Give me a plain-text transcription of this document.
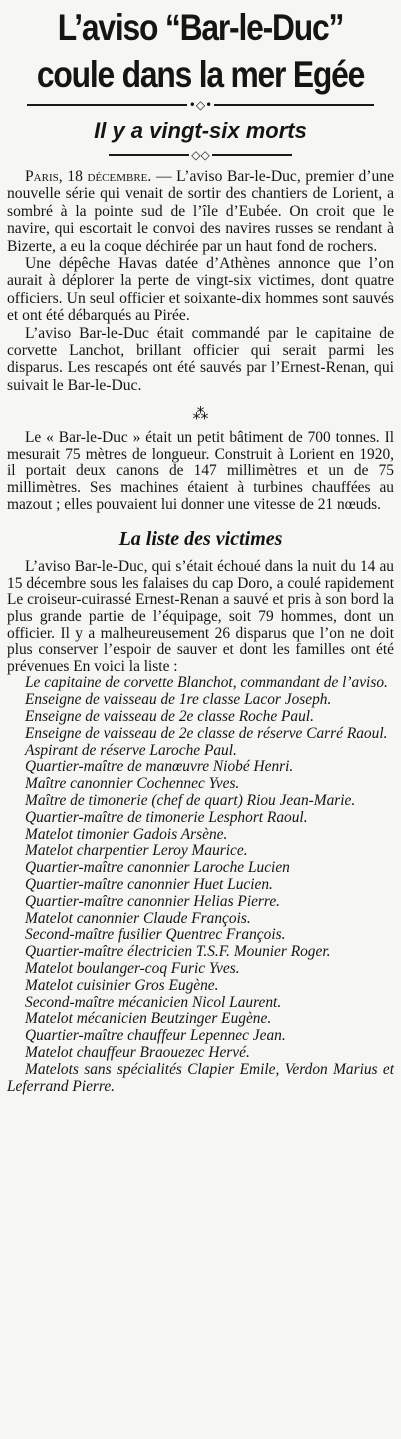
L’aviso “Bar-le-Duc”
coule dans la mer Egée
•◇•
Il y a vingt-six morts
◇◇

Paris, 18 décembre. — L’aviso Bar-le-Duc, premier d’une nouvelle série qui venait de sortir des chantiers de Lorient, a sombré à la pointe sud de l’île d’Eubée. On croit que le navire, qui escortait le convoi des navires russes se rendant à Bizerte, a eu la coque déchirée par un haut fond de rochers.

Une dépêche Havas datée d’Athènes annonce que l’on aurait à déplorer la perte de vingt-six victimes, dont quatre officiers. Un seul officier et soixante-dix hommes sont sauvés et ont été débarqués au Pirée.

L’aviso Bar-le-Duc était commandé par le capitaine de corvette Lanchot, brillant officier qui serait parmi les disparus. Les rescapés ont été sauvés par l’Ernest-Renan, qui suivait le Bar-le-Duc.

⁂

Le « Bar-le-Duc » était un petit bâtiment de 700 tonnes. Il mesurait 75 mètres de longueur. Construit à Lorient en 1920, il portait deux canons de 147 millimètres et un de 75 millimètres. Ses machines étaient à turbines chauffées au mazout ; elles pouvaient lui donner une vitesse de 21 nœuds.

La liste des victimes

L’aviso Bar-le-Duc, qui s’était échoué dans la nuit du 14 au 15 décembre sous les falaises du cap Doro, a coulé rapidement Le croiseur-cuirassé Ernest-Renan a sauvé et pris à son bord la plus grande partie de l’équipage, soit 79 hommes, dont un officier. Il y a malheureusement 26 disparus que l’on ne doit plus conserver l’espoir de sauver et dont les familles ont été prévenues En voici la liste :

Le capitaine de corvette Blanchot, commandant de l’aviso.
Enseigne de vaisseau de 1re classe Lacor Joseph.
Enseigne de vaisseau de 2e classe Roche Paul.
Enseigne de vaisseau de 2e classe de réserve Carré Raoul.
Aspirant de réserve Laroche Paul.
Quartier-maître de manœuvre Niobé Henri.
Maître canonnier Cochennec Yves.
Maître de timonerie (chef de quart) Riou Jean-Marie.
Quartier-maître de timonerie Lesphort Raoul.
Matelot timonier Gadois Arsène.
Matelot charpentier Leroy Maurice.
Quartier-maître canonnier Laroche Lucien
Quartier-maître canonnier Huet Lucien.
Quartier-maître canonnier Helias Pierre.
Matelot canonnier Claude François.
Second-maître fusilier Quentrec François.
Quartier-maître électricien T.S.F. Mounier Roger.
Matelot boulanger-coq Furic Yves.
Matelot cuisinier Gros Eugène.
Second-maître mécanicien Nicol Laurent.
Matelot mécanicien Beutzinger Eugène.
Quartier-maître chauffeur Lepennec Jean.
Matelot chauffeur Braouezec Hervé.
Matelots sans spécialités Clapier Emile, Verdon Marius et Leferrand Pierre.
